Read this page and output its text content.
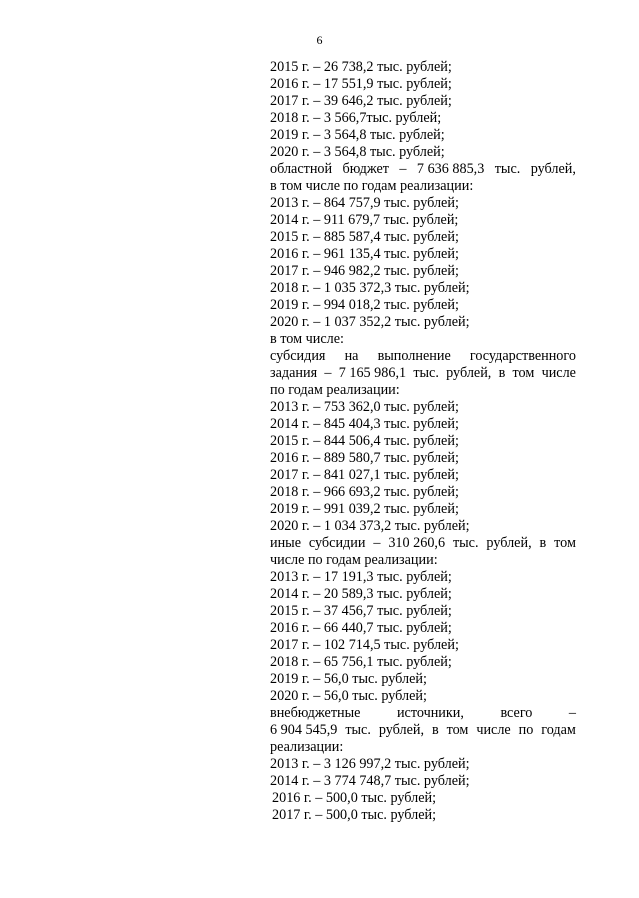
6
2015 г. – 26 738,2 тыс. рублей;
2016 г. – 17 551,9 тыс. рублей;
2017 г. – 39 646,2 тыс. рублей;
2018 г. – 3 566,7тыс. рублей;
2019 г. – 3 564,8 тыс. рублей;
2020 г. – 3 564,8 тыс. рублей;
областной бюджет – 7 636 885,3 тыс. рублей,
в том числе по годам реализации:
2013 г. – 864 757,9 тыс. рублей;
2014 г. – 911 679,7 тыс. рублей;
2015 г. – 885 587,4 тыс. рублей;
2016 г. – 961 135,4 тыс. рублей;
2017 г. – 946 982,2 тыс. рублей;
2018 г. – 1 035 372,3 тыс. рублей;
2019 г. – 994 018,2 тыс. рублей;
2020 г. – 1 037 352,2 тыс. рублей;
в том числе:
субсидия на выполнение государственного
задания – 7 165 986,1 тыс. рублей, в том числе
по годам реализации:
2013 г. – 753 362,0 тыс. рублей;
2014 г. – 845 404,3 тыс. рублей;
2015 г. – 844 506,4 тыс. рублей;
2016 г. – 889 580,7 тыс. рублей;
2017 г. – 841 027,1 тыс. рублей;
2018 г. – 966 693,2 тыс. рублей;
2019 г. – 991 039,2 тыс. рублей;
2020 г. – 1 034 373,2 тыс. рублей;
иные субсидии – 310 260,6 тыс. рублей, в том
числе по годам реализации:
2013 г. – 17 191,3 тыс. рублей;
2014 г. – 20 589,3 тыс. рублей;
2015 г. – 37 456,7 тыс. рублей;
2016 г. – 66 440,7 тыс. рублей;
2017 г. – 102 714,5 тыс. рублей;
2018 г. – 65 756,1 тыс. рублей;
2019 г. – 56,0 тыс. рублей;
2020 г. – 56,0 тыс. рублей;
внебюджетные	источники,	всего	–
6 904 545,9 тыс. рублей, в том числе по годам
реализации:
2013 г. – 3 126 997,2 тыс. рублей;
2014 г. – 3 774 748,7 тыс. рублей;
2016 г. – 500,0 тыс. рублей;
2017 г. – 500,0 тыс. рублей;
